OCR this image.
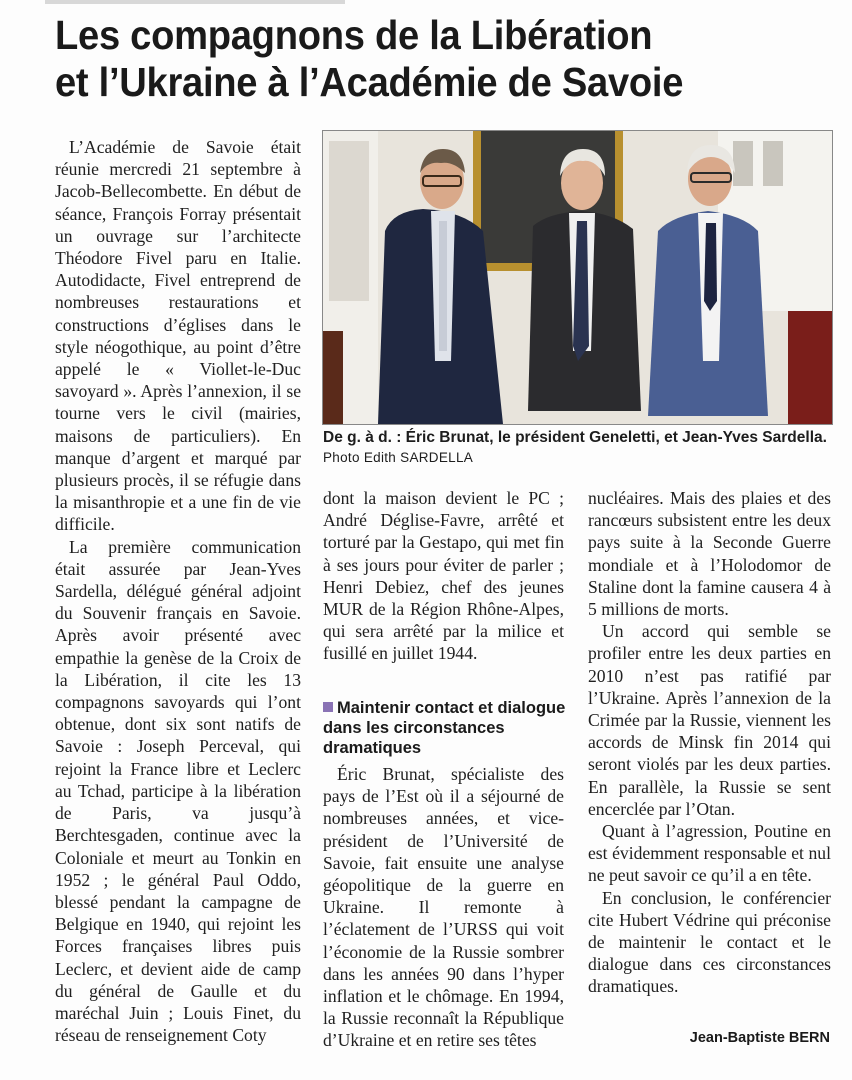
Les compagnons de la Libération
et l’Ukraine à l’Académie de Savoie

L’Académie de Savoie était réunie mercredi 21 septembre à Jacob-Bellecombette. En début de séance, François Forray présentait un ouvrage sur l’architecte Théodore Fivel paru en Italie. Autodidacte, Fivel entreprend de nombreuses restaurations et constructions d’églises dans le style néogothique, au point d’être appelé le « Viollet-le-Duc savoyard ». Après l’annexion, il se tourne vers le civil (mairies, maisons de particuliers). En manque d’argent et marqué par plusieurs procès, il se réfugie dans la misanthropie et a une fin de vie difficile.

La première communication était assurée par Jean-Yves Sardella, délégué général adjoint du Souvenir français en Savoie. Après avoir présenté avec empathie la genèse de la Croix de la Libération, il cite les 13 compagnons savoyards qui l’ont obtenue, dont six sont natifs de Savoie : Joseph Perceval, qui rejoint la France libre et Leclerc au Tchad, participe à la libération de Paris, va jusqu’à Berchtesgaden, continue avec la Coloniale et meurt au Tonkin en 1952 ; le général Paul Oddo, blessé pendant la campagne de Belgique en 1940, qui rejoint les Forces françaises libres puis Leclerc, et devient aide de camp du général de Gaulle et du maréchal Juin ; Louis Finet, du réseau de renseignement Coty

De g. à d. : Éric Brunat, le président Geneletti, et Jean-Yves Sardella. Photo Edith SARDELLA

dont la maison devient le PC ; André Déglise-Favre, arrêté et torturé par la Gestapo, qui met fin à ses jours pour éviter de parler ; Henri Debiez, chef des jeunes MUR de la Région Rhône-Alpes, qui sera arrêté par la milice et fusillé en juillet 1944.

Maintenir contact et dialogue dans les circonstances dramatiques

Éric Brunat, spécialiste des pays de l’Est où il a séjourné de nombreuses années, et vice-président de l’Université de Savoie, fait ensuite une analyse géopolitique de la guerre en Ukraine. Il remonte à l’éclatement de l’URSS qui voit l’économie de la Russie sombrer dans les années 90 dans l’hyper inflation et le chômage. En 1994, la Russie reconnaît la République d’Ukraine et en retire ses têtes

nucléaires. Mais des plaies et des rancœurs subsistent entre les deux pays suite à la Seconde Guerre mondiale et à l’Holodomor de Staline dont la famine causera 4 à 5 millions de morts.

Un accord qui semble se profiler entre les deux parties en 2010 n’est pas ratifié par l’Ukraine. Après l’annexion de la Crimée par la Russie, viennent les accords de Minsk fin 2014 qui seront violés par les deux parties. En parallèle, la Russie se sent encerclée par l’Otan.

Quant à l’agression, Poutine en est évidemment responsable et nul ne peut savoir ce qu’il a en tête.

En conclusion, le conférencier cite Hubert Védrine qui préconise de maintenir le contact et le dialogue dans ces circonstances dramatiques.

Jean-Baptiste BERN
